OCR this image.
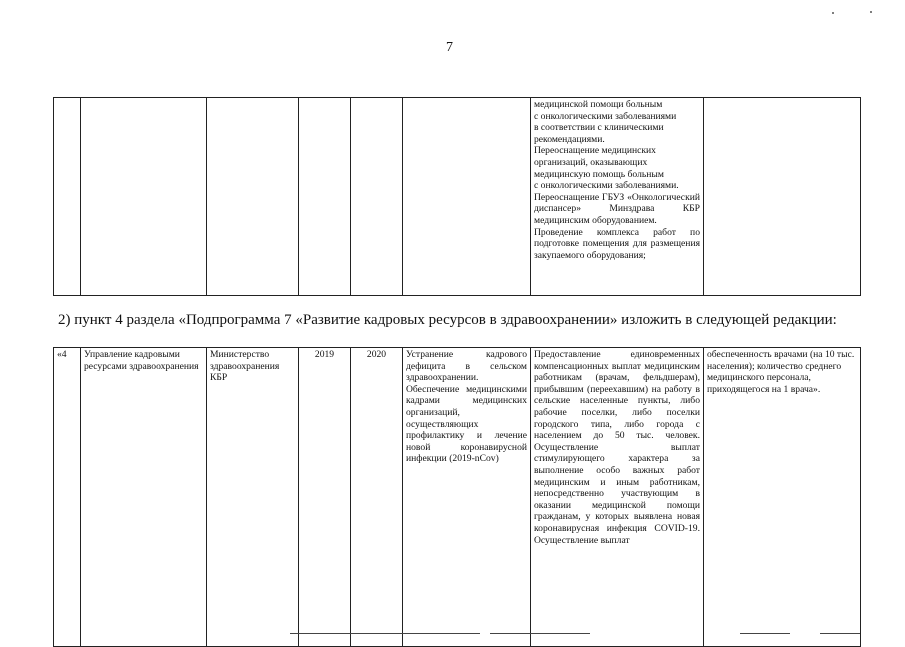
7

медицинской помощи больным

с онкологическими заболеваниями

в соответствии с клиническими

рекомендациями.

Переоснащение медицинских

организаций, оказывающих

медицинскую помощь больным

с онкологическими заболеваниями.

Переоснащение ГБУЗ «Онкологический диспансер» Минздрава КБР медицинским оборудованием.

Проведение комплекса работ по подготовке помещения для размещения закупаемого оборудования;

2) пункт 4 раздела «Подпрограмма 7 «Развитие кадровых ресурсов в здравоохранении» изложить в следующей редакции:
«4	Управление кадровыми ресурсами здравоохранения	Министерство здравоохранения КБР	2019	2020	Устранение кадрового дефицита в сельском здравоохранении. Обеспечение медицинскими кадрами медицинских организаций, осуществляющих профилактику и лечение новой коронавирусной инфекции (2019-nCov)	Предоставление единовременных компенсационных выплат медицинским работникам (врачам, фельдшерам), прибывшим (переехавшим) на работу в сельские населенные пункты, либо рабочие поселки, либо поселки городского типа, либо города с населением до 50 тыс. человек. Осуществление выплат стимулирующего характера за выполнение особо важных работ медицинским и иным работникам, непосредственно участвующим в оказании медицинской помощи гражданам, у которых выявлена новая коронавирусная инфекция COVID-19. Осуществление выплат	обеспеченность врачами (на 10 тыс. населения); количество среднего медицинского персонала, приходящегося на 1 врача».
